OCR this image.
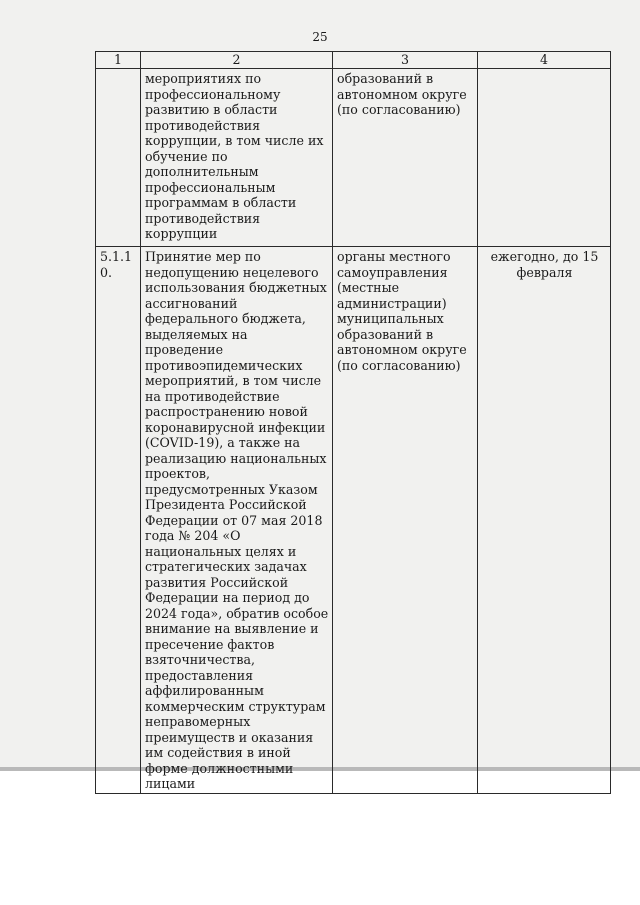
25
1	2	3	4
	мероприятиях по профессиональному развитию в области противодействия коррупции, в том числе их обучение по дополнительным профессиональным программам в области противодействия коррупции	образований в автономном округе (по согласованию)	
5.1.10.	Принятие мер по недопущению нецелевого использования бюджетных ассигнований федерального бюджета, выделяемых на проведение противоэпидемических мероприятий, в том числе на противодействие распространению новой коронавирусной инфекции (COVID-19), а также на реализацию национальных проектов, предусмотренных Указом Президента Российской Федерации от 07 мая 2018 года № 204 «О национальных целях и стратегических задачах развития Российской Федерации на период до 2024 года», обратив особое внимание на выявление и пресечение фактов взяточничества, предоставления аффилированным коммерческим структурам неправомерных преимуществ и оказания им содействия в иной форме должностными лицами	органы местного самоуправления (местные администрации) муниципальных образований в автономном округе (по согласованию)	ежегодно, до 15 февраля
